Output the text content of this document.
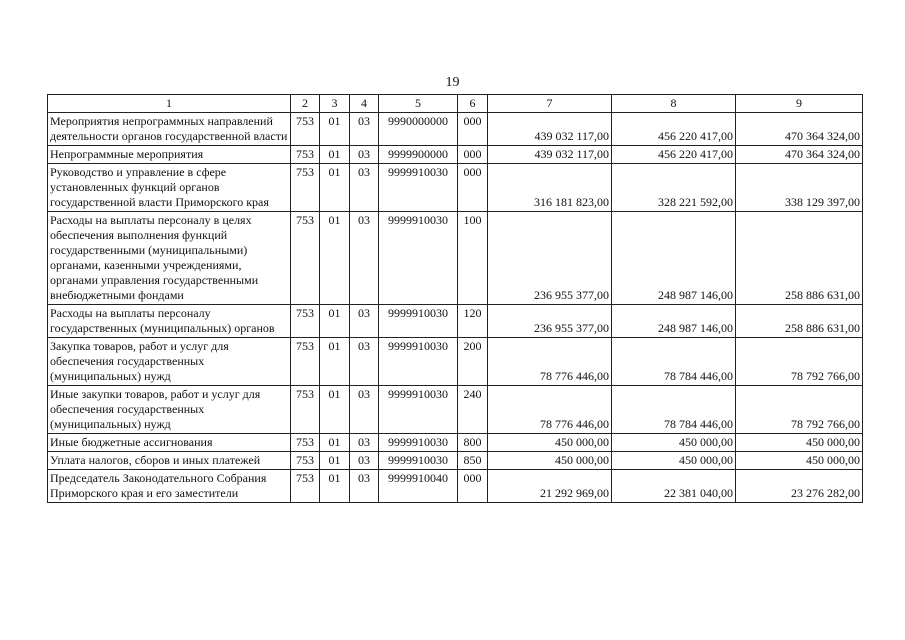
19
1	2	3	4	5	6	7	8	9
Мероприятия непрограммных направлений деятельности органов государственной власти	753	01	03	9990000000	000	439 032 117,00	456 220 417,00	470 364 324,00
Непрограммные мероприятия	753	01	03	9999900000	000	439 032 117,00	456 220 417,00	470 364 324,00
Руководство и управление в сфере установленных функций органов государственной власти Приморского края	753	01	03	9999910030	000	316 181 823,00	328 221 592,00	338 129 397,00
Расходы на выплаты персоналу в целях обеспечения выполнения функций государственными (муниципальными) органами, казенными учреждениями, органами управления государственными внебюджетными фондами	753	01	03	9999910030	100	236 955 377,00	248 987 146,00	258 886 631,00
Расходы на выплаты персоналу государственных (муниципальных) органов	753	01	03	9999910030	120	236 955 377,00	248 987 146,00	258 886 631,00
Закупка товаров, работ и услуг для обеспечения государственных (муниципальных) нужд	753	01	03	9999910030	200	78 776 446,00	78 784 446,00	78 792 766,00
Иные закупки товаров, работ и услуг для обеспечения государственных (муниципальных) нужд	753	01	03	9999910030	240	78 776 446,00	78 784 446,00	78 792 766,00
Иные бюджетные ассигнования	753	01	03	9999910030	800	450 000,00	450 000,00	450 000,00
Уплата налогов, сборов и иных платежей	753	01	03	9999910030	850	450 000,00	450 000,00	450 000,00
Председатель Законодательного Собрания Приморского края и его заместители	753	01	03	9999910040	000	21 292 969,00	22 381 040,00	23 276 282,00
